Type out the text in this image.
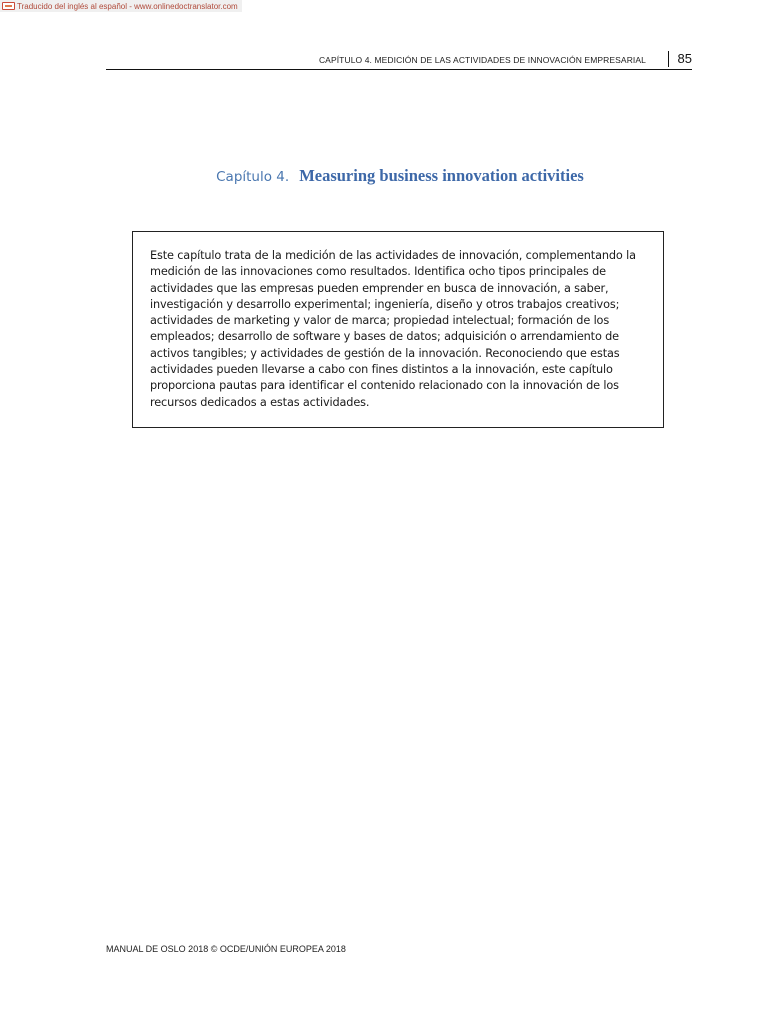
Traducido del inglés al español - www.onlinedoctranslator.com
CAPÍTULO 4. MEDICIÓN DE LAS ACTIVIDADES DE INNOVACIÓN EMPRESARIAL 85
Capítulo 4. Measuring business innovation activities

Este capítulo trata de la medición de las actividades de innovación, complementando la medición de las innovaciones como resultados. Identifica ocho tipos principales de actividades que las empresas pueden emprender en busca de innovación, a saber, investigación y desarrollo experimental; ingeniería, diseño y otros trabajos creativos; actividades de marketing y valor de marca; propiedad intelectual; formación de los empleados; desarrollo de software y bases de datos; adquisición o arrendamiento de activos tangibles; y actividades de gestión de la innovación. Reconociendo que estas actividades pueden llevarse a cabo con fines distintos a la innovación, este capítulo proporciona pautas para identificar el contenido relacionado con la innovación de los recursos dedicados a estas actividades.

MANUAL DE OSLO 2018 © OCDE/UNIÓN EUROPEA 2018
